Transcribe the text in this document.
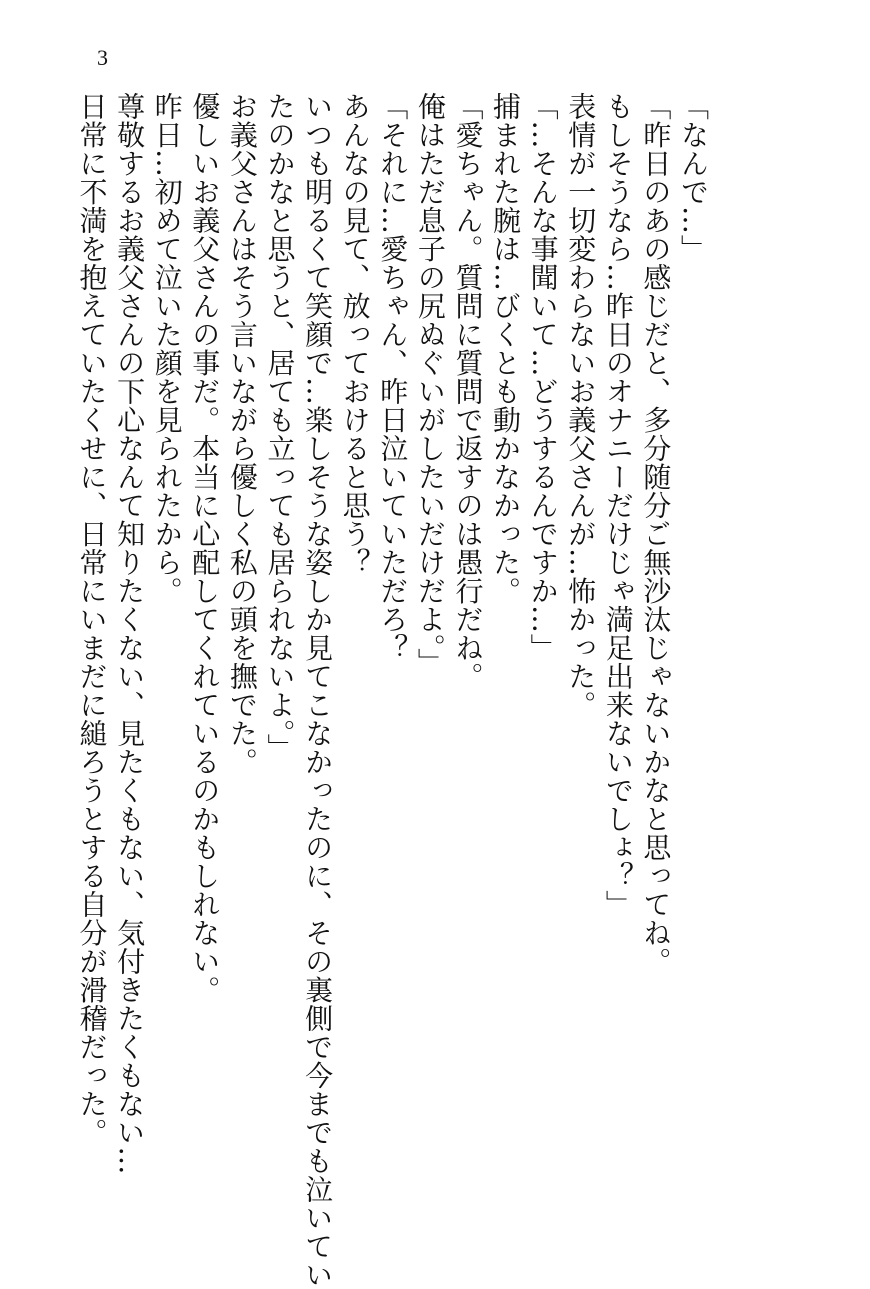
3
「なんで…」
「昨日のあの感じだと、多分随分ご無沙汰じゃないかなと思ってね。
もしそうなら…昨日のオナニーだけじゃ満足出来ないでしょ？」
表情が一切変わらないお義父さんが…怖かった。
「…そんな事聞いて…どうするんですか…」
捕まれた腕は…びくとも動かなかった。
「愛ちゃん。質問に質問で返すのは愚行だね。
俺はただ息子の尻ぬぐいがしたいだけだよ。」
「それに…愛ちゃん、昨日泣いていただろ？
あんなの見て、放っておけると思う？
いつも明るくて笑顔で…楽しそうな姿しか見てこなかったのに、その裏側で今までも泣いてい
たのかなと思うと、居ても立っても居られないよ。」
お義父さんはそう言いながら優しく私の頭を撫でた。
優しいお義父さんの事だ。本当に心配してくれているのかもしれない。
昨日…初めて泣いた顔を見られたから。
尊敬するお義父さんの下心なんて知りたくない、見たくもない、気付きたくもない…
日常に不満を抱えていたくせに、日常にいまだに縋ろうとする自分が滑稽だった。
